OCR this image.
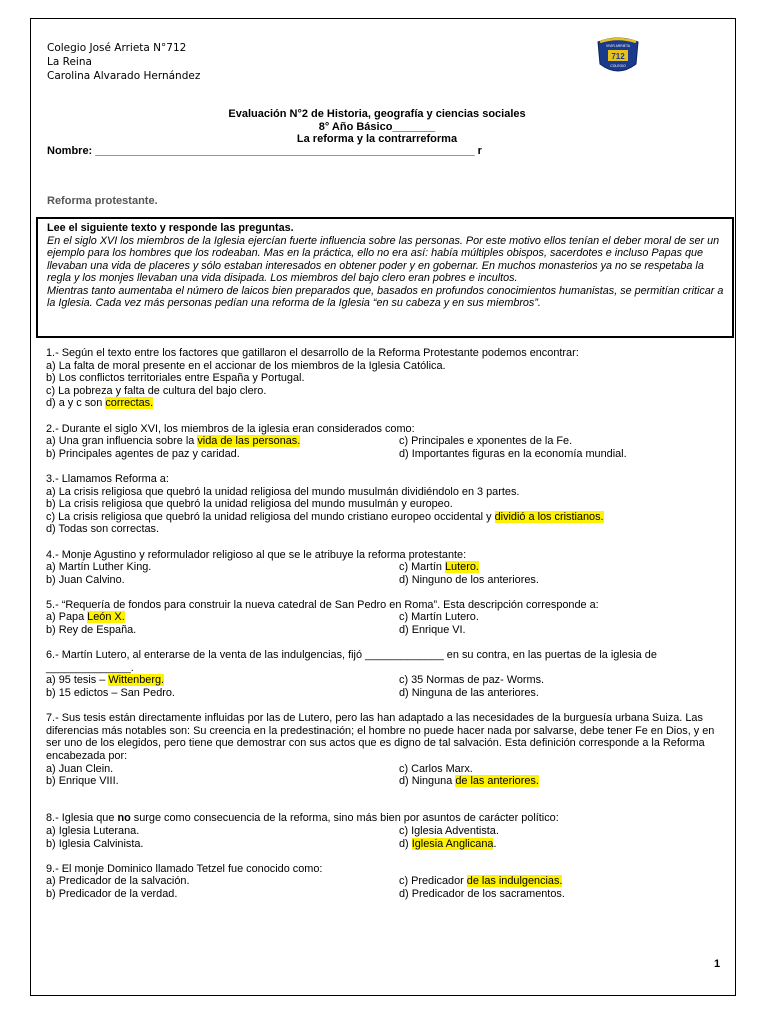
Colegio José Arrieta N°712
La Reina
Carolina Alvarado Hernández
VIVIR ARRIETA
712
COLEGIO
Evaluación N°2 de Historia, geografía y ciencias sociales
8° Año Básico_______
La reforma y la contrarreforma
Nombre: ______________________________________________________________ r
Reforma protestante.
Lee el siguiente texto y responde las preguntas.
En el siglo XVI los miembros de la Iglesia ejercían fuerte influencia sobre las personas. Por este motivo ellos tenían el deber moral de ser un ejemplo para los hombres que los rodeaban. Mas en la práctica, ello no era así: había múltiples obispos, sacerdotes e incluso Papas que llevaban una vida de placeres y sólo estaban interesados en obtener poder y en gobernar. En muchos monasterios ya no se respetaba la regla y los monjes llevaban una vida disipada. Los miembros del bajo clero eran pobres e incultos.
Mientras tanto aumentaba el número de laicos bien preparados que, basados en profundos conocimientos humanistas, se permitían criticar a la Iglesia. Cada vez más personas pedían una reforma de la Iglesia “en su cabeza y en sus miembros”.
1.- Según el texto entre los factores que gatillaron el desarrollo de la Reforma Protestante podemos encontrar:
a) La falta de moral presente en el accionar de los miembros de la Iglesia Católica.
b) Los conflictos territoriales entre España y Portugal.
c) La pobreza y falta de cultura del bajo clero.
d) a y c son correctas.
2.- Durante el siglo XVI, los miembros de la iglesia eran considerados como:
a) Una gran influencia sobre la vida de las personas.	c) Principales e xponentes de la Fe.
b) Principales agentes de paz y caridad.	d) Importantes figuras en la economía mundial.
3.- Llamamos Reforma a:
a) La crisis religiosa que quebró la unidad religiosa del mundo musulmán dividiéndolo en 3 partes.
b) La crisis religiosa que quebró la unidad religiosa del mundo musulmán y europeo.
c) La crisis religiosa que quebró la unidad religiosa del mundo cristiano europeo occidental y dividió a los cristianos.
d) Todas son correctas.
4.- Monje Agustino y reformulador religioso al que se le atribuye la reforma protestante:
a) Martín Luther King.	c) Martín Lutero.
b) Juan Calvino.	d) Ninguno de los anteriores.
5.- “Requería de fondos para construir la nueva catedral de San Pedro en Roma”. Esta descripción corresponde a:
a) Papa León X.	c) Martín Lutero.
b) Rey de España.	d) Enrique VI.
6.- Martín Lutero, al enterarse de la venta de las indulgencias, fijó _____________ en su contra, en las puertas de la iglesia de ______________.
a) 95 tesis – Wittenberg.	c) 35 Normas de paz- Worms.
b) 15 edictos – San Pedro.	d) Ninguna de las anteriores.
7.- Sus tesis están directamente influidas por las de Lutero, pero las han adaptado a las necesidades de la burguesía urbana Suiza. Las diferencias más notables son: Su creencia en la predestinación; el hombre no puede hacer nada por salvarse, debe tener Fe en Dios, y en ser uno de los elegidos, pero tiene que demostrar con sus actos que es digno de tal salvación. Esta definición corresponde a la Reforma encabezada por:
a) Juan Clein.	c) Carlos Marx.
b) Enrique VIII.	d) Ninguna de las anteriores.
8.- Iglesia que no surge como consecuencia de la reforma, sino más bien por asuntos de carácter político:
a) Iglesia Luterana.	c) Iglesia Adventista.
b) Iglesia Calvinista.	d) Iglesia Anglicana.
9.- El monje Dominico llamado Tetzel fue conocido como:
a) Predicador de la salvación.	c) Predicador de las indulgencias.
b) Predicador de la verdad.	d) Predicador de los sacramentos.
1
